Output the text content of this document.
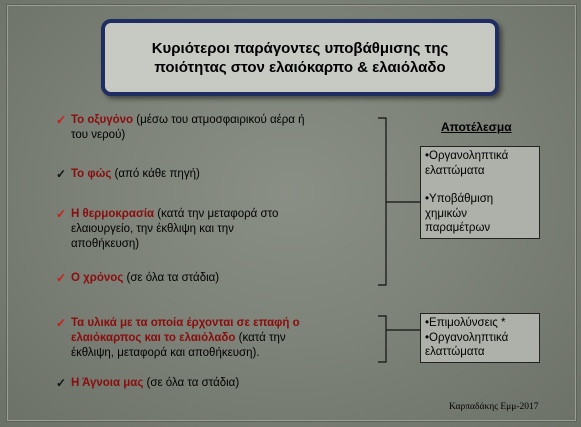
Κυριότεροι παράγοντες υποβάθμισης της
ποιότητας στον ελαιόκαρπο & ελαιόλαδο
✓ Το οξυγόνο (μέσω του ατμοσφαιρικού αέρα ή
του νερού)
✓ Το φώς (από κάθε πηγή)
✓ Η θερμοκρασία (κατά την μεταφορά στο
ελαιουργείο, την έκθλιψη και την
αποθήκευση)
✓ Ο χρόνος (σε όλα τα στάδια)
✓ Τα υλικά με τα οποία έρχονται σε επαφή ο
ελαιόκαρπος και το ελαιόλαδο (κατά την
έκθλιψη, μεταφορά και αποθήκευση).
✓ Η Άγνοια μας (σε όλα τα στάδια)
Αποτέλεσμα
•Οργανοληπτικά
ελαττώματα
•Υποβάθμιση
χημικών
παραμέτρων
•Επιμολύνσεις *
•Οργανοληπτικά
ελαττώματα
Καρπαδάκης Εμμ-2017
